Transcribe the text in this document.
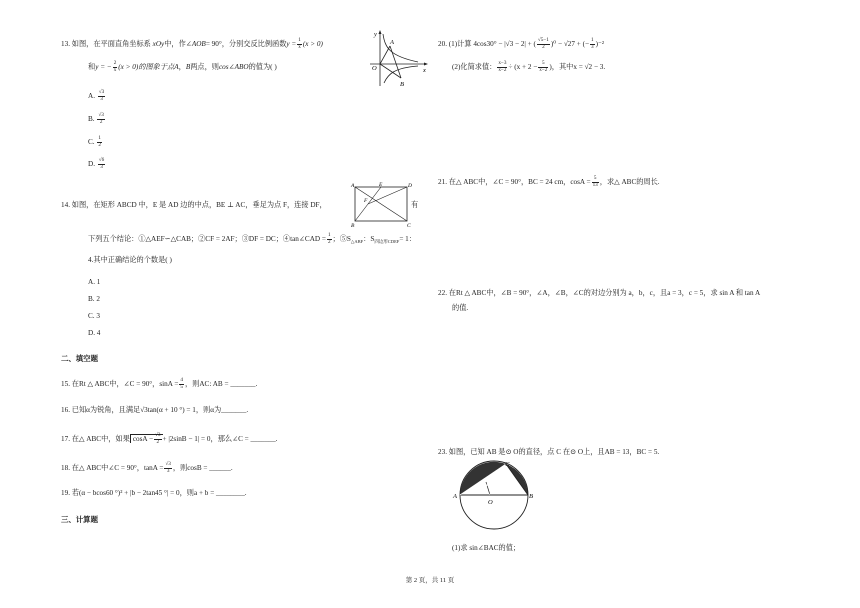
13. 如图，在平面直角坐标系 xOy中，作∠AOB= 90°，分别交反比例函数$y = \frac{1}{x} (x > 0)$
和y = − $\frac{2}{x} (x > 0)$的图象于点A，B两点，则cos∠ABO的值为( )
y
A
O	x
B
A. $\frac{√3}{3}$
B. $\frac{√3}{2}$
C. $\frac{1}{2}$
D. $\frac{√6}{3}$
14. 如图，在矩形 ABCD 中，E 是 AD 边的中点，BE ⊥ AC，垂足为点 F，连接 DF，	有
A	E	D
F
B	C
下列五个结论：①△AEF∽△CAB；②CF = 2AF；③DF = DC；④tan∠CAD = $\frac{1}{2}$ ；$⑤S_{\triangle ABF}$：$S_{四边形CDEF}= 1$：
4.其中正确结论的个数是( )
A. 1
B. 2
C. 3
D. 4
二、填空题
15. 在Rt △ ABC中，∠C = 90°，$\sin A = \frac{4}{5}$ ，则AC: AB = _______.
16. 已知α为锐角，且满足√3tan(α + 10 °) = 1，则α为_______.
17. 在△ ABC中，如果 $\cos A - \frac{√3}{2} + |2\sin B - 1| = 0$，那么∠C = _______.
18. 在△ ABC中∠C = 90°，$\tan A = \frac{√3}{3}$ ，则cosB = ______.
19. 若(α − bcos60 °)² + |b − 2tan45 °| = 0，则a + b = ________.
三、计算题
20. (1)计算 4cos30° − |√3 − 2| + ( $\frac{√5-1}{2} )^0 - √27$ + (− $\frac{1}{3} )^{-2}$
(2)化简求值： $\frac{x-3}{x-2} \div (x + 2 - \frac{5}{x-2}$ )，其中x = √2 − 3.
21. 在△ ABC中，∠C = 90°，BC = 24 cm，$\cos A = \frac{5}{13}$ ，求△ ABC的周长.
22. 在Rt △ ABC中，∠B = 90°，∠A，∠B，∠C的对边分别为 a，b，c，且a = 3，c = 5，求 sin A 和 tan A
的值.
23. 如图，已知 AB 是⊙ O的直径，点 C 在⊙ O上，且AB = 13，BC = 5.
C
D
A
O
B
(1)求 sin∠BAC的值；
第 2 页，共 11 页
